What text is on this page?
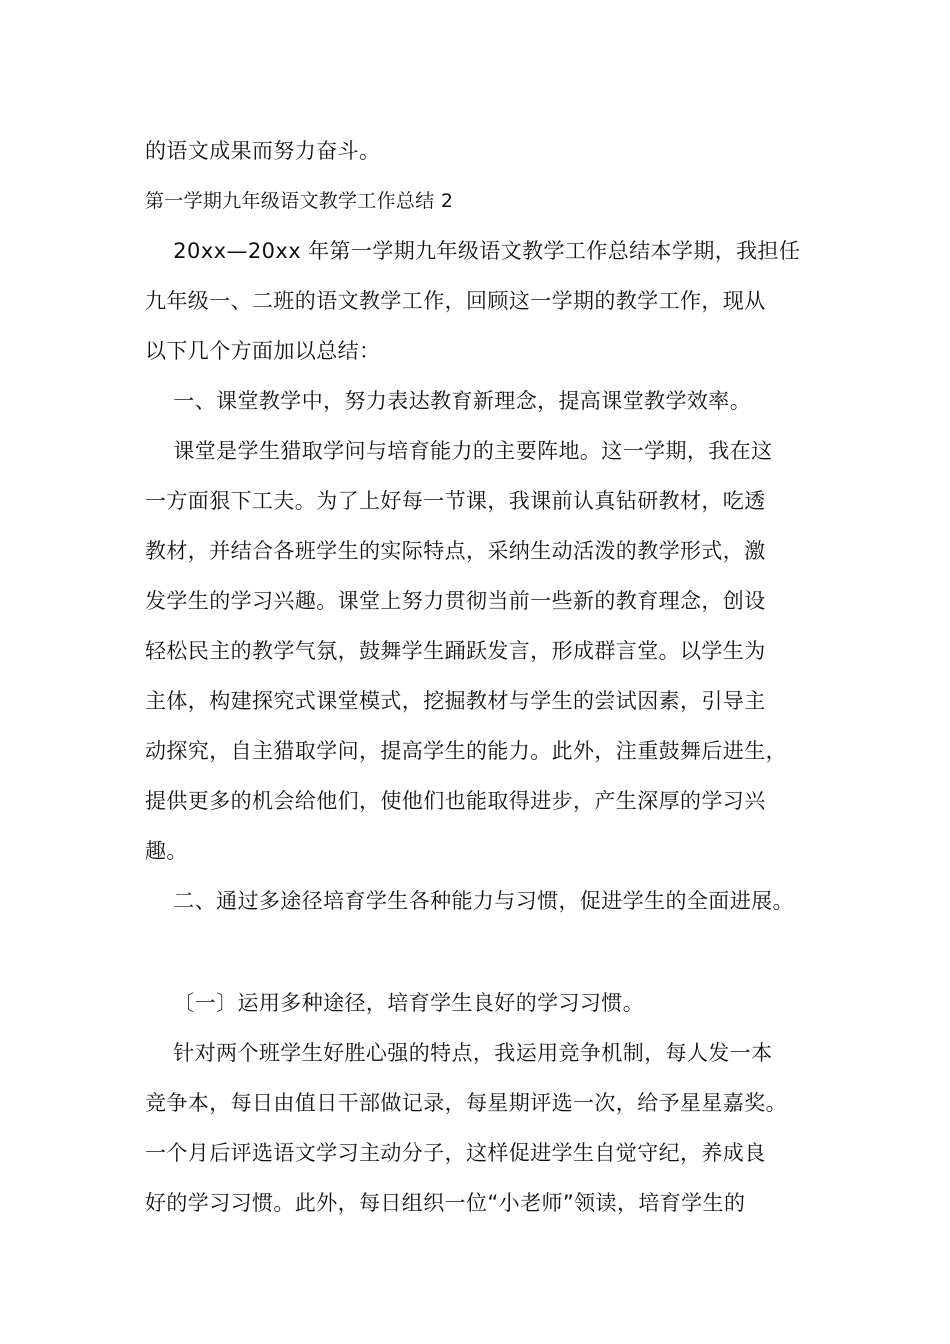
的语文成果而努力奋斗。
第一学期九年级语文教学工作总结 2
20xx—20xx 年第一学期九年级语文教学工作总结本学期，我担任
九年级一、二班的语文教学工作，回顾这一学期的教学工作，现从
以下几个方面加以总结：
一、课堂教学中，努力表达教育新理念，提高课堂教学效率。
课堂是学生猎取学问与培育能力的主要阵地。这一学期，我在这
一方面狠下工夫。为了上好每一节课，我课前认真钻研教材，吃透
教材，并结合各班学生的实际特点，采纳生动活泼的教学形式，激
发学生的学习兴趣。课堂上努力贯彻当前一些新的教育理念，创设
轻松民主的教学气氛，鼓舞学生踊跃发言，形成群言堂。以学生为
主体，构建探究式课堂模式，挖掘教材与学生的尝试因素，引导主
动探究，自主猎取学问，提高学生的能力。此外，注重鼓舞后进生，
提供更多的机会给他们，使他们也能取得进步，产生深厚的学习兴
趣。
二、通过多途径培育学生各种能力与习惯，促进学生的全面进展。
〔一〕运用多种途径，培育学生良好的学习习惯。
针对两个班学生好胜心强的特点，我运用竞争机制，每人发一本
竞争本，每日由值日干部做记录，每星期评选一次，给予星星嘉奖。
一个月后评选语文学习主动分子，这样促进学生自觉守纪，养成良
好的学习习惯。此外，每日组织一位“小老师”领读，培育学生的
